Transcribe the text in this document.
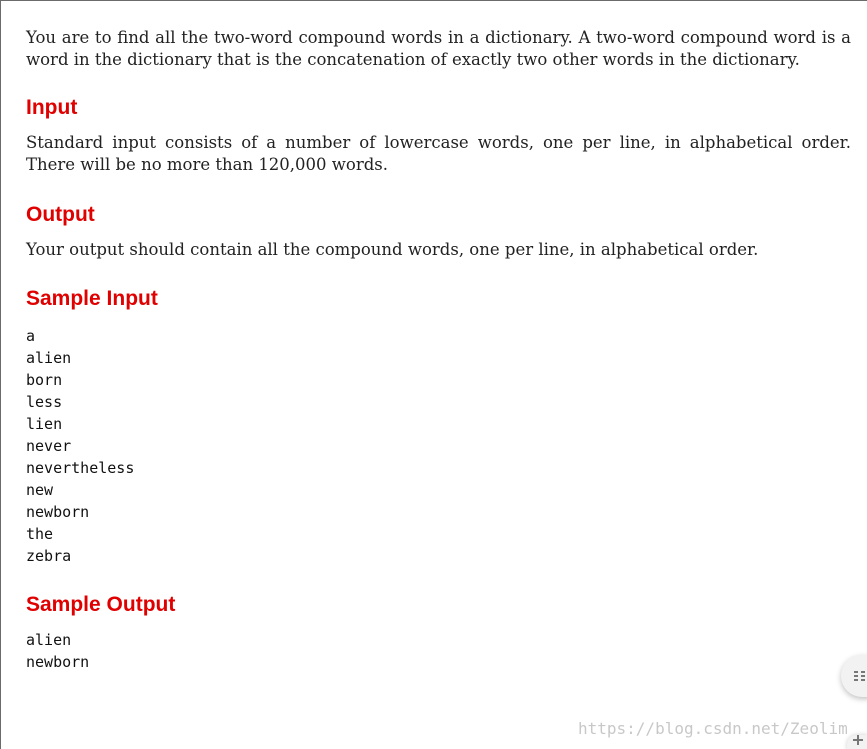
You are to find all the two-word compound words in a dictionary. A two-word compound word is a word in the dictionary that is the concatenation of exactly two other words in the dictionary.

Input

Standard input consists of a number of lowercase words, one per line, in alphabetical order. There will be no more than 120,000 words.

Output

Your output should contain all the compound words, one per line, in alphabetical order.

Sample Input
a
alien
born
less
lien
never
nevertheless
new
newborn
the
zebra
Sample Output
alien
newborn
https://blog.csdn.net/Zeolim
